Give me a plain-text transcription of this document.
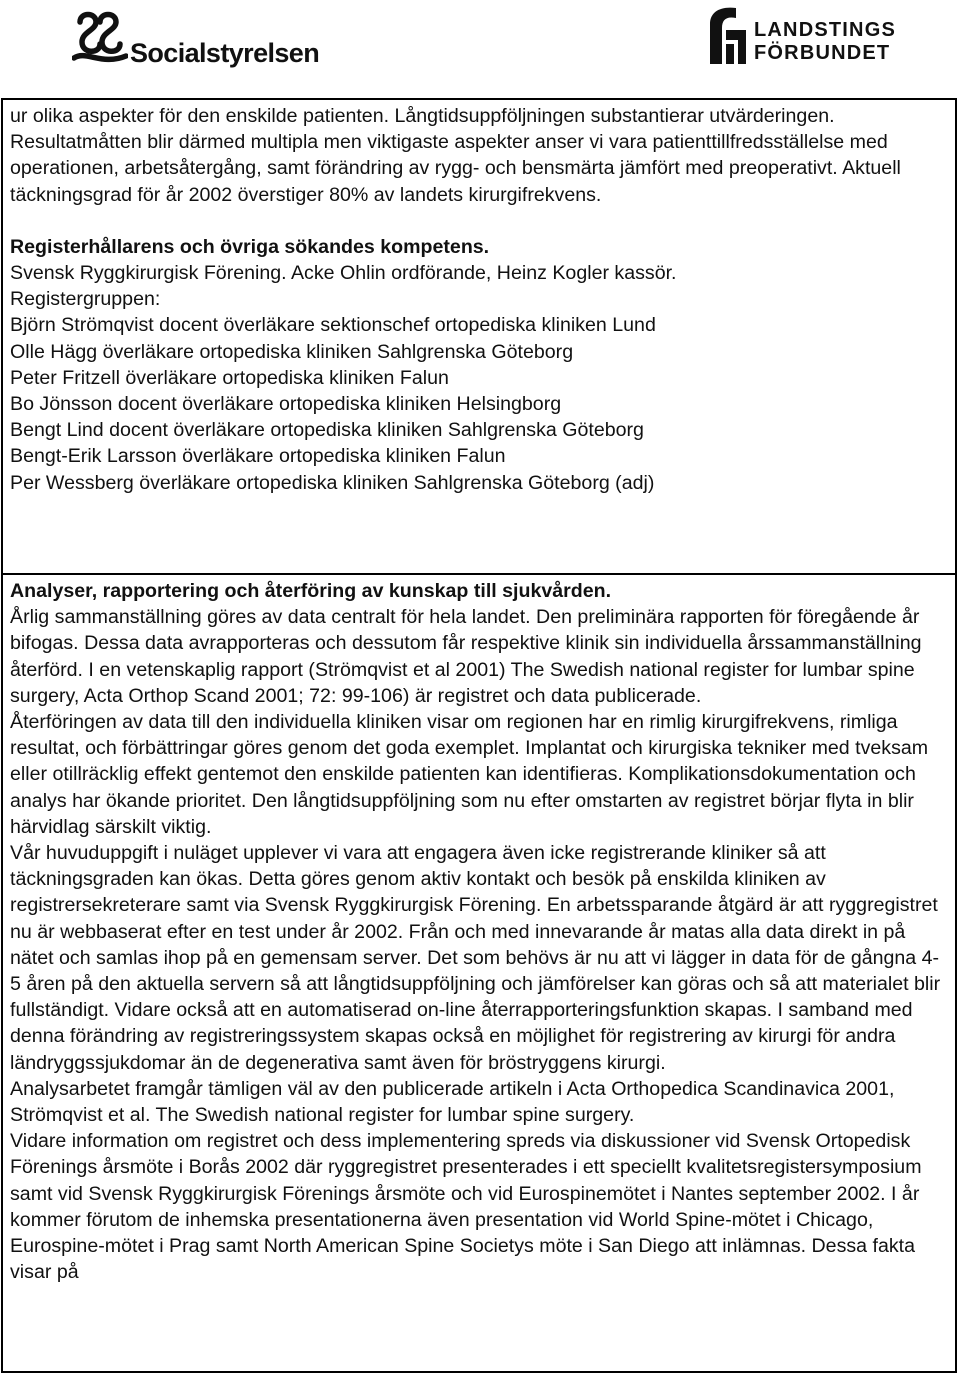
Socialstyrelsen
LANDSTINGS
FÖRBUNDET

ur olika aspekter för den enskilde patienten. Långtidsuppföljningen substantierar utvärderingen. Resultatmåtten blir därmed multipla men viktigaste aspekter anser vi vara patienttillfredsställelse med operationen, arbetsåtergång, samt förändring av rygg- och bensmärta jämfört med preoperativt. Aktuell täckningsgrad för år 2002 överstiger 80% av landets kirurgifrekvens.

Registerhållarens och övriga sökandes kompetens.

Svensk Ryggkirurgisk Förening. Acke Ohlin ordförande, Heinz Kogler kassör.

Registergruppen:

Björn Strömqvist docent överläkare sektionschef ortopediska kliniken Lund
Olle Hägg överläkare ortopediska kliniken Sahlgrenska Göteborg
Peter Fritzell överläkare ortopediska kliniken Falun
Bo Jönsson docent överläkare ortopediska kliniken Helsingborg
Bengt Lind docent överläkare ortopediska kliniken Sahlgrenska Göteborg
Bengt-Erik Larsson överläkare ortopediska kliniken Falun
Per Wessberg överläkare ortopediska kliniken Sahlgrenska Göteborg (adj)

Analyser, rapportering och återföring av kunskap till sjukvården.

Årlig sammanställning göres av data centralt för hela landet. Den preliminära rapporten för föregående år bifogas. Dessa data avrapporteras och dessutom får respektive klinik sin individuella årssammanställning återförd. I en vetenskaplig rapport (Strömqvist et al 2001) The Swedish national register for lumbar spine surgery, Acta Orthop Scand 2001; 72: 99-106) är registret och data publicerade.

Återföringen av data till den individuella kliniken visar om regionen har en rimlig kirurgifrekvens, rimliga resultat, och förbättringar göres genom det goda exemplet. Implantat och kirurgiska tekniker med tveksam eller otillräcklig effekt gentemot den enskilde patienten kan identifieras. Komplikationsdokumentation och analys har ökande prioritet. Den långtidsuppföljning som nu efter omstarten av registret börjar flyta in blir härvidlag särskilt viktig.

Vår huvuduppgift i nuläget upplever vi vara att engagera även icke registrerande kliniker så att täckningsgraden kan ökas. Detta göres genom aktiv kontakt och besök på enskilda kliniken av registrersekreterare samt via Svensk Ryggkirurgisk Förening. En arbetssparande åtgärd är att ryggregistret nu är webbaserat efter en test under år 2002. Från och med innevarande år matas alla data direkt in på nätet och samlas ihop på en gemensam server. Det som behövs är nu att vi lägger in data för de gångna 4-5 åren på den aktuella servern så att långtidsuppföljning och jämförelser kan göras och så att materialet blir fullständigt. Vidare också att en automatiserad on-line återrapporteringsfunktion skapas. I samband med denna förändring av registreringssystem skapas också en möjlighet för registrering av kirurgi för andra ländryggssjukdomar än de degenerativa samt även för bröstryggens kirurgi.

Analysarbetet framgår tämligen väl av den publicerade artikeln i Acta Orthopedica Scandinavica 2001, Strömqvist et al. The Swedish national register for lumbar spine surgery.

Vidare information om registret och dess implementering spreds via diskussioner vid Svensk Ortopedisk Förenings årsmöte i Borås 2002 där ryggregistret presenterades i ett speciellt kvalitetsregistersymposium samt vid Svensk Ryggkirurgisk Förenings årsmöte och vid Eurospinemötet i Nantes september 2002. I år kommer förutom de inhemska presentationerna även presentation vid World Spine-mötet i Chicago, Eurospine-mötet i Prag samt North American Spine Societys möte i San Diego att inlämnas. Dessa fakta visar på
